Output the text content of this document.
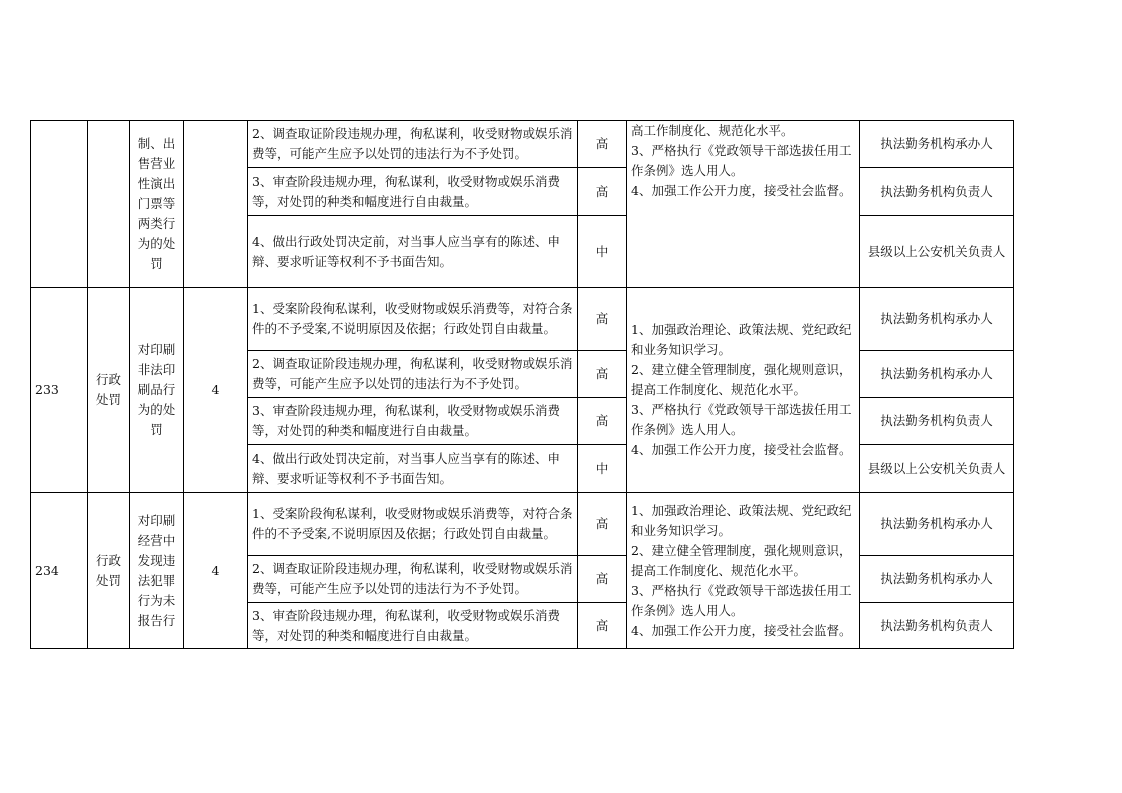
		制、出售营业性演出门票等两类行为的处罚		2、调查取证阶段违规办理，徇私谋利，收受财物或娱乐消费等，可能产生应予以处罚的违法行为不予处罚。	高	高工作制度化、规范化水平。
3、严格执行《党政领导干部选拔任用工作条例》选人用人。
4、加强工作公开力度，接受社会监督。	执法勤务机构承办人
				3、审查阶段违规办理，徇私谋利，收受财物或娱乐消费等，对处罚的种类和幅度进行自由裁量。	高		执法勤务机构负责人
				4、做出行政处罚决定前，对当事人应当享有的陈述、申辩、要求听证等权利不予书面告知。	中		县级以上公安机关负责人
233	行政处罚	对印刷非法印刷品行为的处罚	4	1、受案阶段徇私谋利，收受财物或娱乐消费等，对符合条件的不予受案,不说明原因及依据；行政处罚自由裁量。	高	1、加强政治理论、政策法规、党纪政纪和业务知识学习。
2、建立健全管理制度，强化规则意识，提高工作制度化、规范化水平。
3、严格执行《党政领导干部选拔任用工作条例》选人用人。
4、加强工作公开力度，接受社会监督。	执法勤务机构承办人
				2、调查取证阶段违规办理，徇私谋利，收受财物或娱乐消费等，可能产生应予以处罚的违法行为不予处罚。	高		执法勤务机构承办人
				3、审查阶段违规办理，徇私谋利，收受财物或娱乐消费等，对处罚的种类和幅度进行自由裁量。	高		执法勤务机构负责人
				4、做出行政处罚决定前，对当事人应当享有的陈述、申辩、要求听证等权利不予书面告知。	中		县级以上公安机关负责人
234	行政处罚	对印刷经营中发现违法犯罪行为未报告行	4	1、受案阶段徇私谋利，收受财物或娱乐消费等，对符合条件的不予受案,不说明原因及依据；行政处罚自由裁量。	高	1、加强政治理论、政策法规、党纪政纪和业务知识学习。
2、建立健全管理制度，强化规则意识，提高工作制度化、规范化水平。
3、严格执行《党政领导干部选拔任用工作条例》选人用人。
4、加强工作公开力度，接受社会监督。	执法勤务机构承办人
				2、调查取证阶段违规办理，徇私谋利，收受财物或娱乐消费等，可能产生应予以处罚的违法行为不予处罚。	高		执法勤务机构承办人
				3、审查阶段违规办理，徇私谋利，收受财物或娱乐消费等，对处罚的种类和幅度进行自由裁量。	高		执法勤务机构负责人
